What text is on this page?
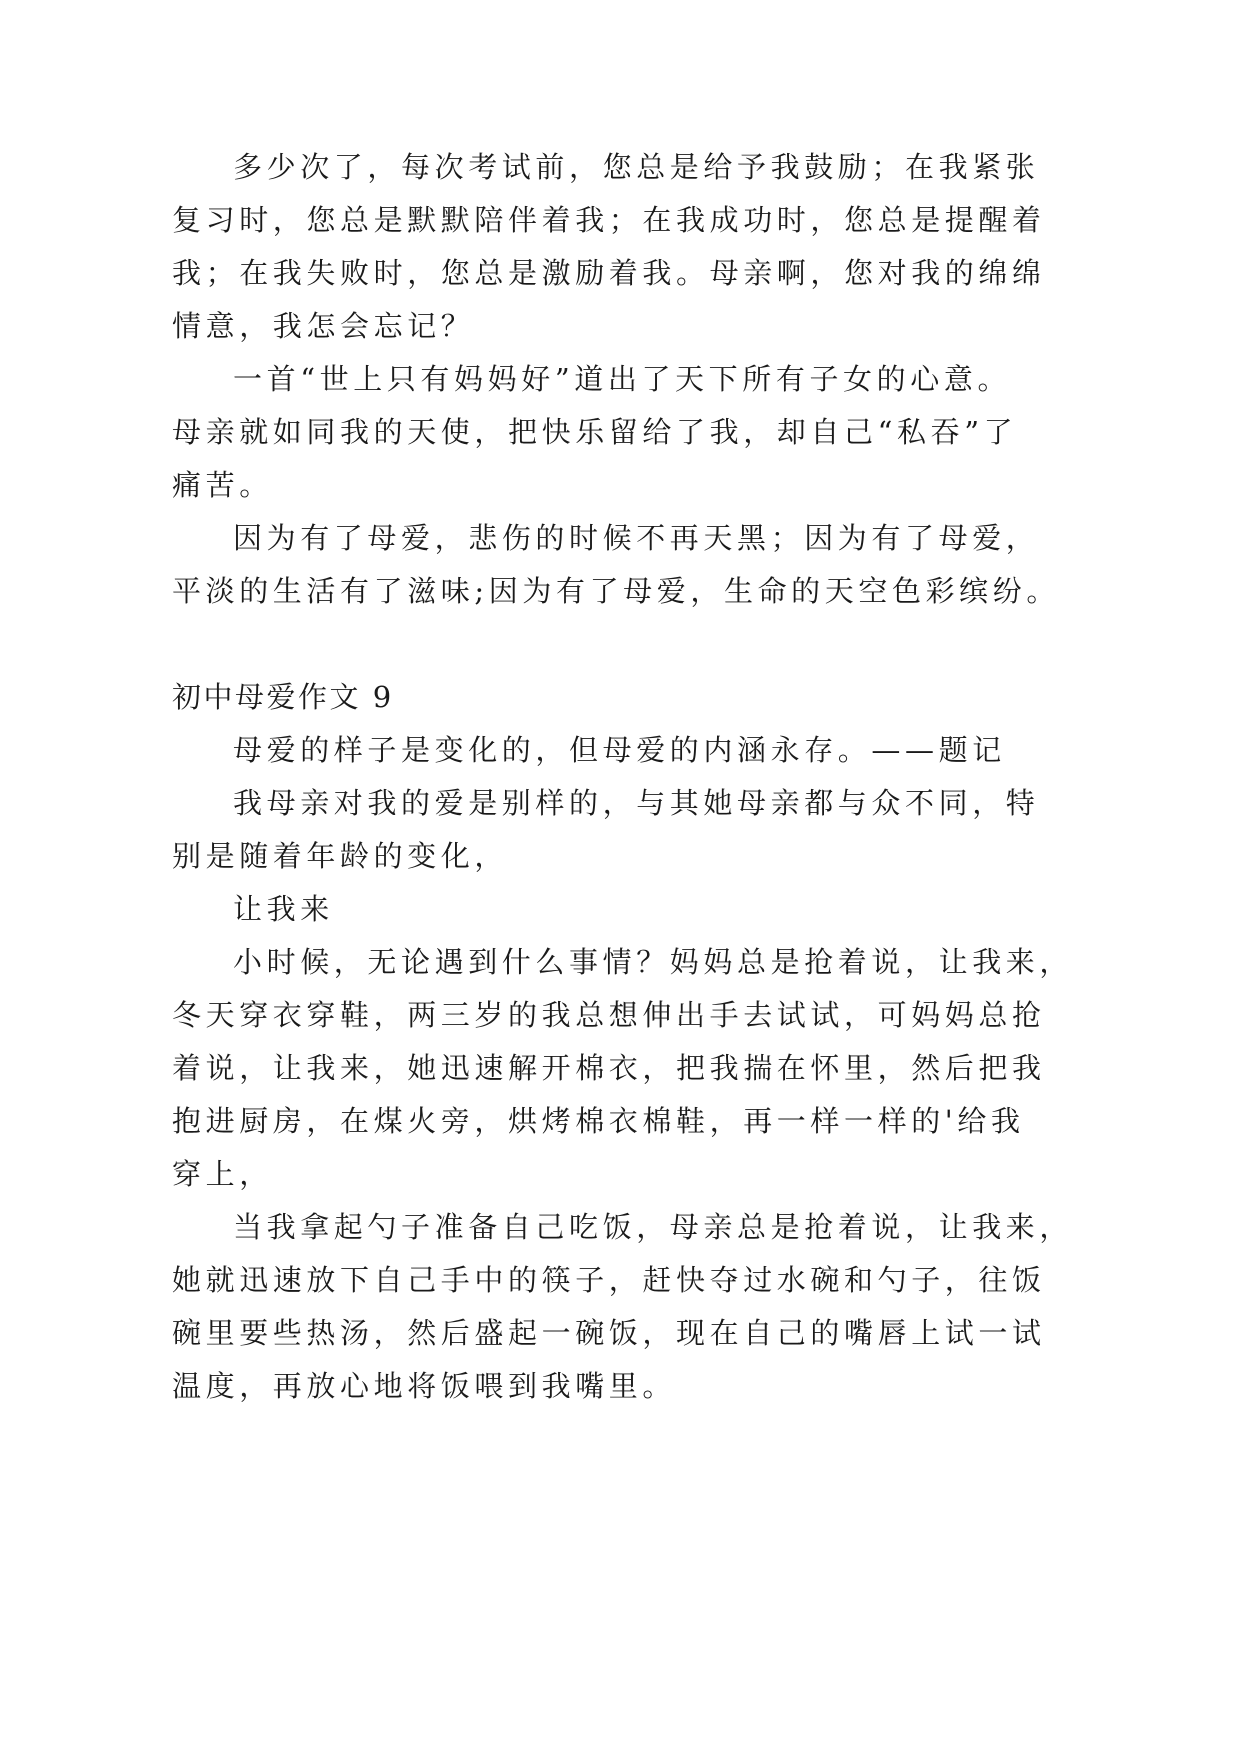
多少次了，每次考试前，您总是给予我鼓励；在我紧张

复习时，您总是默默陪伴着我；在我成功时，您总是提醒着

我；在我失败时，您总是激励着我。母亲啊，您对我的绵绵

情意，我怎会忘记？

一首“世上只有妈妈好”道出了天下所有子女的心意。

母亲就如同我的天使，把快乐留给了我，却自己“私吞”了

痛苦。

因为有了母爱，悲伤的时候不再天黑；因为有了母爱，

平淡的生活有了滋味;因为有了母爱，生命的天空色彩缤纷。

初中母爱作文 9

母爱的样子是变化的，但母爱的内涵永存。——题记

我母亲对我的爱是别样的，与其她母亲都与众不同，特

别是随着年龄的变化，

让我来

小时候，无论遇到什么事情？妈妈总是抢着说，让我来，

冬天穿衣穿鞋，两三岁的我总想伸出手去试试，可妈妈总抢

着说，让我来，她迅速解开棉衣，把我揣在怀里，然后把我

抱进厨房，在煤火旁，烘烤棉衣棉鞋，再一样一样的'给我

穿上，

当我拿起勺子准备自己吃饭，母亲总是抢着说，让我来，

她就迅速放下自己手中的筷子，赶快夺过水碗和勺子，往饭

碗里要些热汤，然后盛起一碗饭，现在自己的嘴唇上试一试

温度，再放心地将饭喂到我嘴里。
